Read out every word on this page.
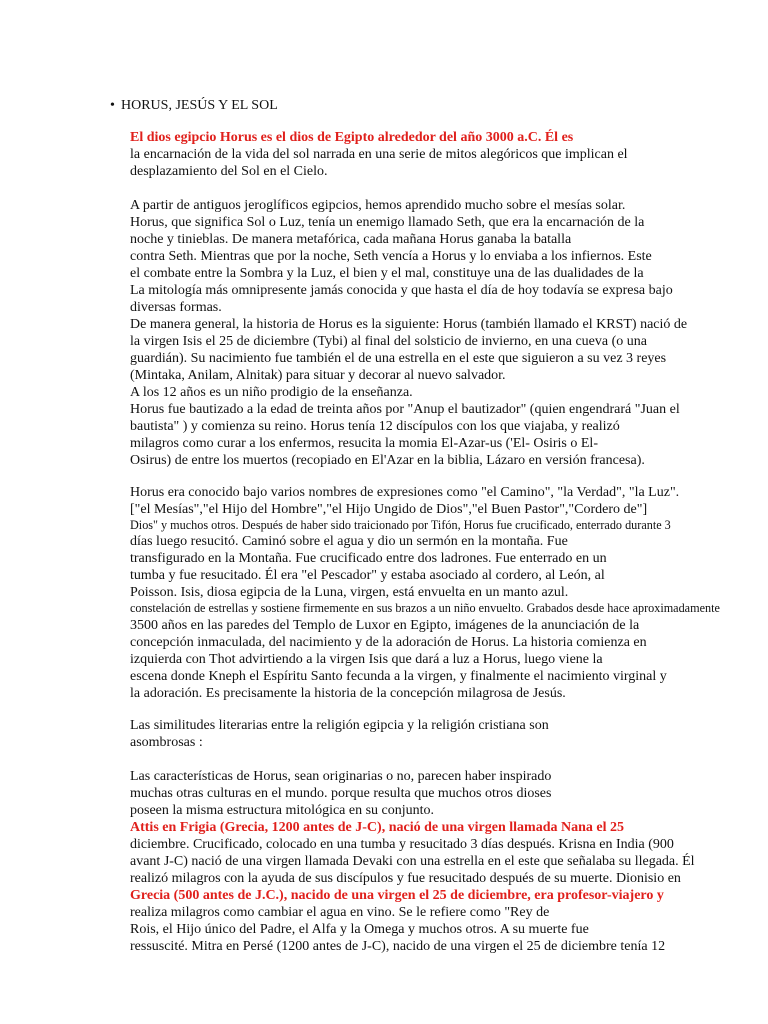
• HORUS, JESÚS Y EL SOL
El dios egipcio Horus es el dios de Egipto alrededor del año 3000 a.C. Él es
la encarnación de la vida del sol narrada en una serie de mitos alegóricos que implican el
desplazamiento del Sol en el Cielo.
A partir de antiguos jeroglíficos egipcios, hemos aprendido mucho sobre el mesías solar.
Horus, que significa Sol o Luz, tenía un enemigo llamado Seth, que era la encarnación de la
noche y tinieblas. De manera metafórica, cada mañana Horus ganaba la batalla
contra Seth. Mientras que por la noche, Seth vencía a Horus y lo enviaba a los infiernos. Este
el combate entre la Sombra y la Luz, el bien y el mal, constituye una de las dualidades de la
La mitología más omnipresente jamás conocida y que hasta el día de hoy todavía se expresa bajo
diversas formas.
De manera general, la historia de Horus es la siguiente: Horus (también llamado el KRST) nació de
la virgen Isis el 25 de diciembre (Tybi) al final del solsticio de invierno, en una cueva (o una
guardián). Su nacimiento fue también el de una estrella en el este que siguieron a su vez 3 reyes
(Mintaka, Anilam, Alnitak) para situar y decorar al nuevo salvador.
A los 12 años es un niño prodigio de la enseñanza.
Horus fue bautizado a la edad de treinta años por "Anup el bautizador" (quien engendrará "Juan el
bautista" ) y comienza su reino. Horus tenía 12 discípulos con los que viajaba, y realizó
milagros como curar a los enfermos, resucita la momia El-Azar-us ('El- Osiris o El-
Osirus) de entre los muertos (recopiado en El'Azar en la biblia, Lázaro en versión francesa).
Horus era conocido bajo varios nombres de expresiones como "el Camino", "la Verdad", "la Luz".
["el Mesías","el Hijo del Hombre","el Hijo Ungido de Dios","el Buen Pastor","Cordero de"]
Dios" y muchos otros. Después de haber sido traicionado por Tifón, Horus fue crucificado, enterrado durante 3
días luego resucitó. Caminó sobre el agua y dio un sermón en la montaña. Fue
transfigurado en la Montaña. Fue crucificado entre dos ladrones. Fue enterrado en un
tumba y fue resucitado. Él era "el Pescador" y estaba asociado al cordero, al León, al
Poisson. Isis, diosa egipcia de la Luna, virgen, está envuelta en un manto azul.
constelación de estrellas y sostiene firmemente en sus brazos a un niño envuelto. Grabados desde hace aproximadamente
3500 años en las paredes del Templo de Luxor en Egipto, imágenes de la anunciación de la
concepción inmaculada, del nacimiento y de la adoración de Horus. La historia comienza en
izquierda con Thot advirtiendo a la virgen Isis que dará a luz a Horus, luego viene la
escena donde Kneph el Espíritu Santo fecunda a la virgen, y finalmente el nacimiento virginal y
la adoración. Es precisamente la historia de la concepción milagrosa de Jesús.
Las similitudes literarias entre la religión egipcia y la religión cristiana son
asombrosas :
Las características de Horus, sean originarias o no, parecen haber inspirado
muchas otras culturas en el mundo. porque resulta que muchos otros dioses
poseen la misma estructura mitológica en su conjunto.
Attis en Frigia (Grecia, 1200 antes de J-C), nació de una virgen llamada Nana el 25
diciembre. Crucificado, colocado en una tumba y resucitado 3 días después. Krisna en India (900
avant J-C) nació de una virgen llamada Devaki con una estrella en el este que señalaba su llegada. Él
realizó milagros con la ayuda de sus discípulos y fue resucitado después de su muerte. Dionisio en
Grecia (500 antes de J.C.), nacido de una virgen el 25 de diciembre, era profesor-viajero y
realiza milagros como cambiar el agua en vino. Se le refiere como "Rey de
Rois, el Hijo único del Padre, el Alfa y la Omega y muchos otros. A su muerte fue
ressuscité. Mitra en Persé (1200 antes de J-C), nacido de una virgen el 25 de diciembre tenía 12
